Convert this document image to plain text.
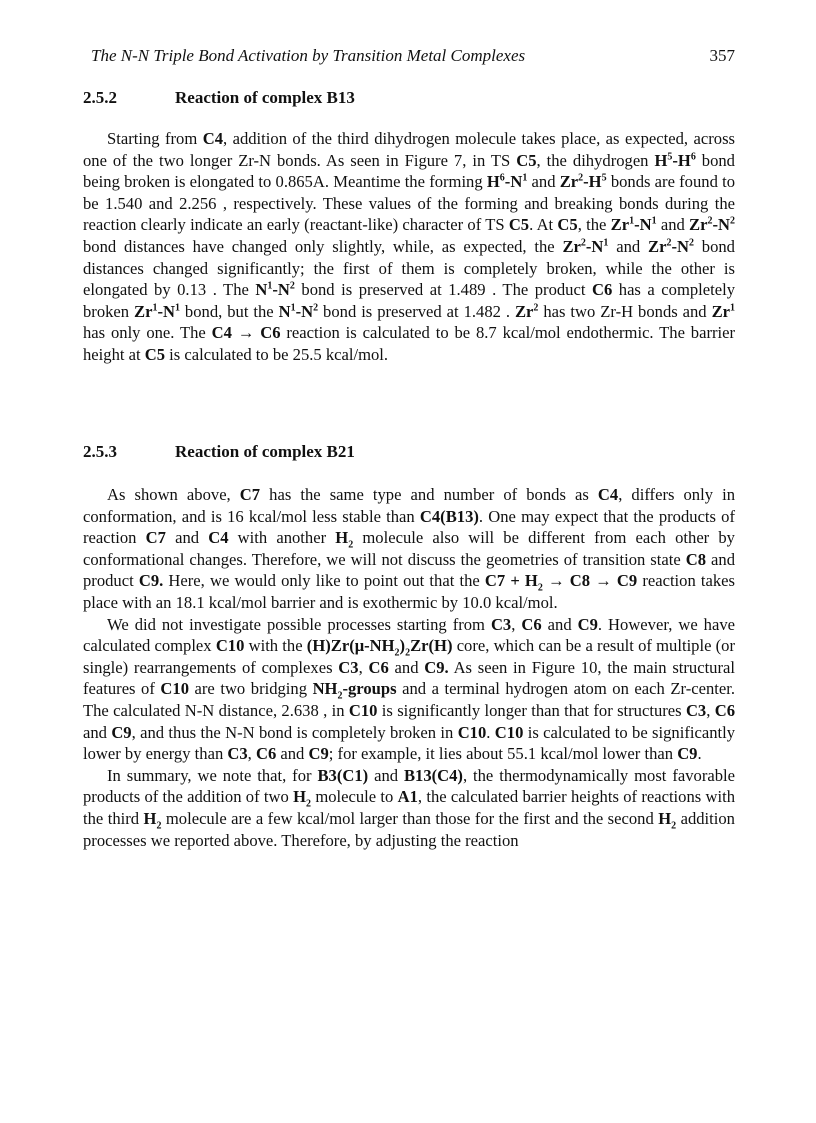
The N-N Triple Bond Activation by Transition Metal Complexes	357
2.5.2	Reaction of complex B13

Starting from C4, addition of the third dihydrogen molecule takes place, as expected, across one of the two longer Zr-N bonds. As seen in Figure 7, in TS C5, the dihydrogen $H^5-H^6$ bond being broken is elongated to 0.865A. Meantime the forming $H^6-N^1$ and $Zr^2-H^5$ bonds are found to be 1.540 and 2.256 , respectively. These values of the forming and breaking bonds during the reaction clearly indicate an early (reactant-like) character of TS C5. At C5, the $Zr^1-N^1$ and $Zr^2-N^2$ bond distances have changed only slightly, while, as expected, the $Zr^2-N^1$ and $Zr^2-N^2$ bond distances changed significantly; the first of them is completely broken, while the other is elongated by 0.13 . The $N^1-N^2$ bond is preserved at 1.489 . The product C6 has a completely broken $Zr^1-N^1$ bond, but the $N^1-N^2$ bond is preserved at 1.482 . Zr$^2$ has two Zr-H bonds and Zr$^1$ has only one. The C4 → C6 reaction is calculated to be 8.7 kcal/mol endothermic. The barrier height at C5 is calculated to be 25.5 kcal/mol.

2.5.3	Reaction of complex B21

As shown above, C7 has the same type and number of bonds as C4, differs only in conformation, and is 16 kcal/mol less stable than C4(B13). One may expect that the products of reaction C7 and C4 with another $H_2$ molecule also will be different from each other by conformational changes. Therefore, we will not discuss the geometries of transition state C8 and product C9. Here, we would only like to point out that the $C7 + H_2 \to C8 \to C9$ reaction takes place with an 18.1 kcal/mol barrier and is exothermic by 10.0 kcal/mol.

We did not investigate possible processes starting from C3, C6 and C9. However, we have calculated complex C10 with the $(H)Zr(\mu-NH_2)_2Zr(H)$ core, which can be a result of multiple (or single) rearrangements of complexes C3, C6 and C9. As seen in Figure 10, the main structural features of C10 are two bridging $NH_2$-groups and a terminal hydrogen atom on each Zr-center. The calculated N-N distance, 2.638 , in C10 is significantly longer than that for structures C3, C6 and C9, and thus the N-N bond is completely broken in C10. C10 is calculated to be significantly lower by energy than C3, C6 and C9; for example, it lies about 55.1 kcal/mol lower than C9.

In summary, we note that, for B3(C1) and B13(C4), the thermodynamically most favorable products of the addition of two $H_2$ molecule to A1, the calculated barrier heights of reactions with the third $H_2$ molecule are a few kcal/mol larger than those for the first and the second $H_2$ addition processes we reported above. Therefore, by adjusting the reaction
